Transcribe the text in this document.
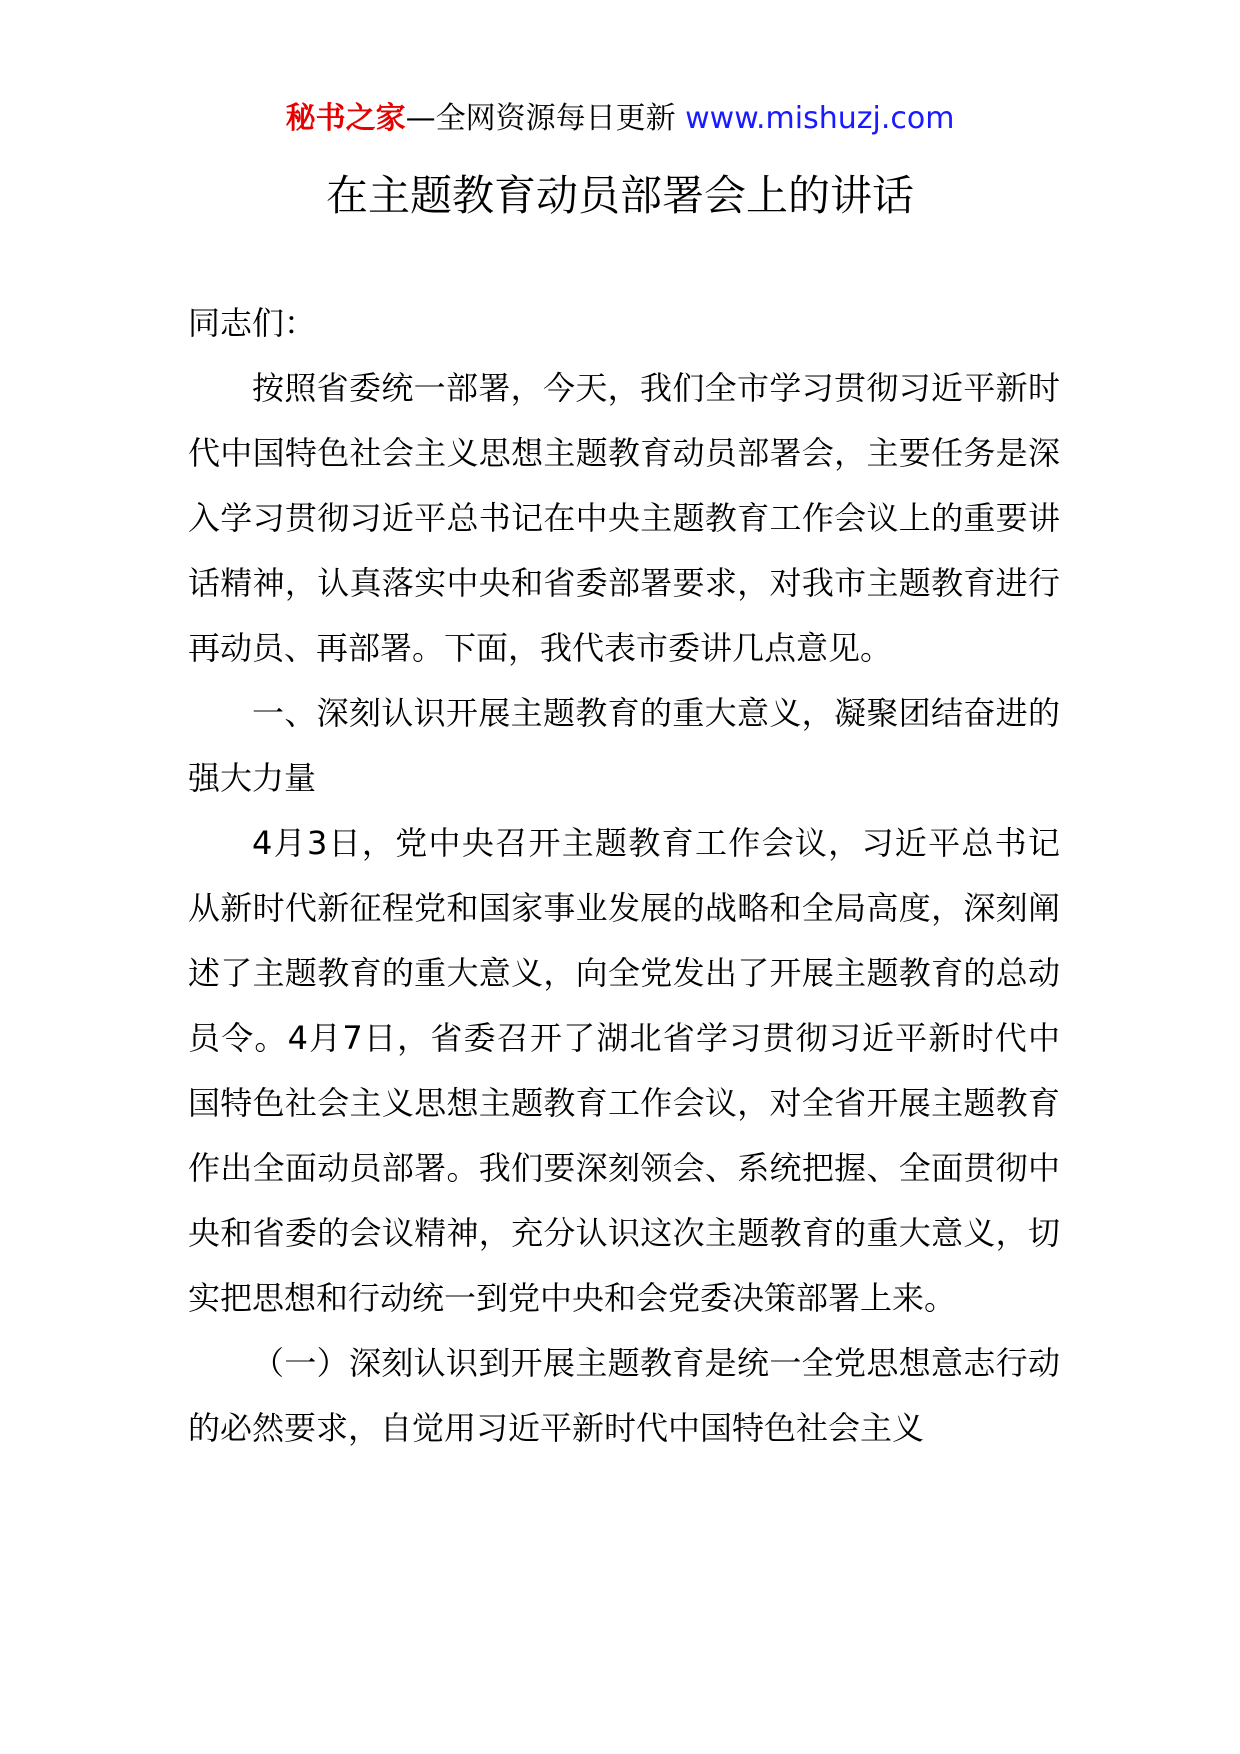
秘书之家—全网资源每日更新 www.mishuzj.com
在主题教育动员部署会上的讲话

同志们：

按照省委统一部署，今天，我们全市学习贯彻习近平新时代中国特色社会主义思想主题教育动员部署会，主要任务是深入学习贯彻习近平总书记在中央主题教育工作会议上的重要讲话精神，认真落实中央和省委部署要求，对我市主题教育进行再动员、再部署。下面，我代表市委讲几点意见。

一、深刻认识开展主题教育的重大意义，凝聚团结奋进的强大力量

4月3日，党中央召开主题教育工作会议，习近平总书记从新时代新征程党和国家事业发展的战略和全局高度，深刻阐述了主题教育的重大意义，向全党发出了开展主题教育的总动员令。4月7日，省委召开了湖北省学习贯彻习近平新时代中国特色社会主义思想主题教育工作会议，对全省开展主题教育作出全面动员部署。我们要深刻领会、系统把握、全面贯彻中央和省委的会议精神，充分认识这次主题教育的重大意义，切实把思想和行动统一到党中央和会党委决策部署上来。

（一）深刻认识到开展主题教育是统一全党思想意志行动的必然要求，自觉用习近平新时代中国特色社会主义
